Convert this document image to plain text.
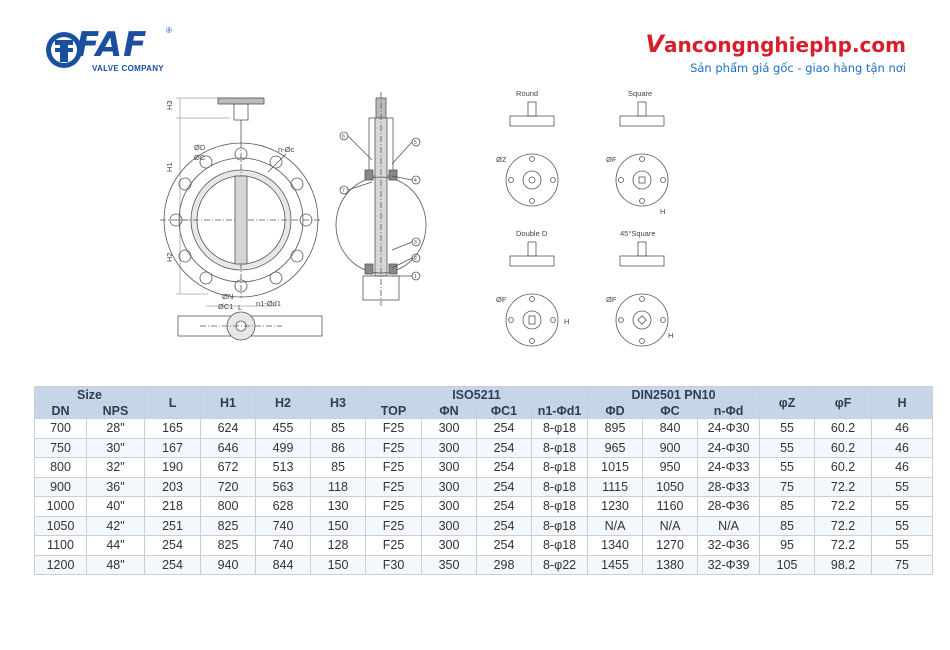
FAF ®
VALVE COMPANY
Vancongnghiephp.com
Sản phẩm giá gốc - giao hàng tận nơi
H3
H1
H2
ØD
ØC
n-Øc
L
ØN
ØC1	n1-Ød1
6
7
5
4
3
2
1
Round
ØZ
Square
ØF
H
Double D
ØF
H
45°Square
ØF
H
Size		L	H1	H2	H3	ISO5211				DIN2501 PN10			φZ	φF	H
DN	NPS					TOP	ΦN	ΦC1	n1-Φd1	ΦD	ΦC	n-Φd			
700	28"	165	624	455	85	F25	300	254	8-φ18	895	840	24-Φ30	55	60.2	46
750	30"	167	646	499	86	F25	300	254	8-φ18	965	900	24-Φ30	55	60.2	46
800	32"	190	672	513	85	F25	300	254	8-φ18	1015	950	24-Φ33	55	60.2	46
900	36"	203	720	563	118	F25	300	254	8-φ18	1115	1050	28-Φ33	75	72.2	55
1000	40"	218	800	628	130	F25	300	254	8-φ18	1230	1160	28-Φ36	85	72.2	55
1050	42"	251	825	740	150	F25	300	254	8-φ18	N/A	N/A	N/A	85	72.2	55
1100	44"	254	825	740	128	F25	300	254	8-φ18	1340	1270	32-Φ36	95	72.2	55
1200	48"	254	940	844	150	F30	350	298	8-φ22	1455	1380	32-Φ39	105	98.2	75
